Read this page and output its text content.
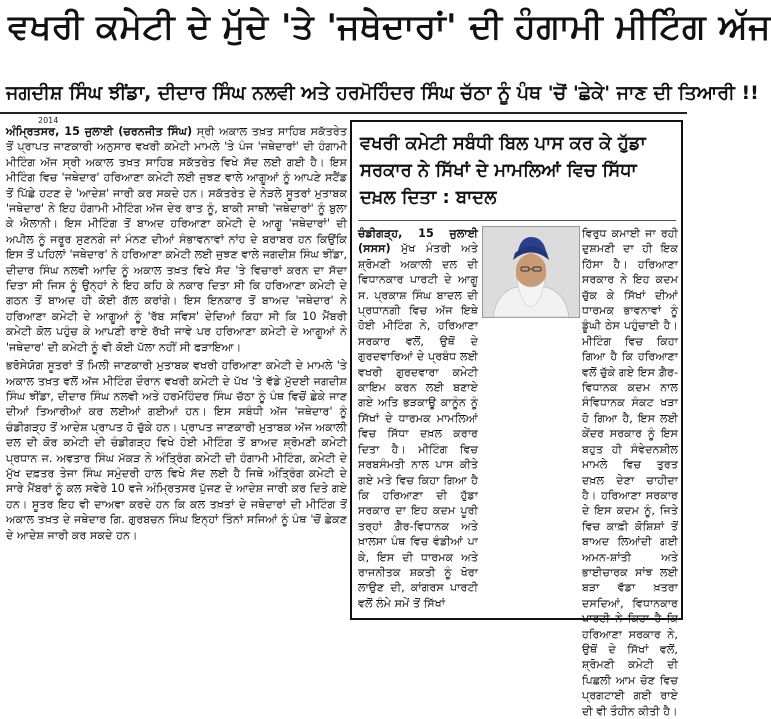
ਵਖਰੀ ਕਮੇਟੀ ਦੇ ਮੁੱਦੇ 'ਤੇ 'ਜਥੇਦਾਰਾਂ' ਦੀ ਹੰਗਾਮੀ ਮੀਟਿੰਗ ਅੱਜ
ਜਗਦੀਸ਼ ਸਿੰਘ ਝੀਂਡਾ, ਦੀਦਾਰ ਸਿੰਘ ਨਲਵੀ ਅਤੇ ਹਰਮੋਹਿੰਦਰ ਸਿੰਘ ਚੱਠਾ ਨੂੰ ਪੰਥ 'ਚੋਂ 'ਛੇਕੇ' ਜਾਣ ਦੀ ਤਿਆਰੀ !!
2014

ਅੰਮ੍ਰਿਤਸਰ, 15 ਜੁਲਾਈ (ਚਰਨਜੀਤ ਸਿੰਘ) ਸ੍ਰੀ ਅਕਾਲ ਤਖ਼ਤ ਸਾਹਿਬ ਸਕੱਤਰੇਤ ਤੋਂ ਪ੍ਰਾਪਤ ਜਾਣਕਾਰੀ ਅਨੁਸਾਰ ਵਖਰੀ ਕਮੇਟੀ ਮਾਮਲੇ 'ਤੇ ਪੰਜ 'ਜਥੇਦਾਰਾਂ' ਦੀ ਹੰਗਾਮੀ ਮੀਟਿੰਗ ਅੱਜ ਸ੍ਰੀ ਅਕਾਲ ਤਖ਼ਤ ਸਾਹਿਬ ਸਕੱਤਰੇਤ ਵਿਖੇ ਸੱਦ ਲਈ ਗਈ ਹੈ। ਇਸ ਮੀਟਿੰਗ ਵਿਚ 'ਜਥੇਦਾਰ' ਹਰਿਆਣਾ ਕਮੇਟੀ ਲਈ ਜੁਝਣ ਵਾਲੇ ਆਗੂਆਂ ਨੂੰ ਆਪਣੇ ਸਟੈਂਡ ਤੋਂ ਪਿੱਛੇ ਹਟਣ ਦੇ 'ਆਦੇਸ਼' ਜਾਰੀ ਕਰ ਸਕਦੇ ਹਨ। ਸਕੱਤਰੇਤ ਦੇ ਨੇੜਲੇ ਸੂਤਰਾਂ ਮੁਤਾਬਕ 'ਜਥੇਦਾਰ' ਨੇ ਇਹ ਹੰਗਾਮੀ ਮੀਟਿੰਗ ਅੱਜ ਦੇਰ ਰਾਤ ਨੂੰ, ਬਾਕੀ ਸਾਥੀ 'ਜਥੇਦਾਰਾਂ' ਨੂੰ ਬੁਲਾ ਕੇ ਐਲਾਨੀ। ਇਸ ਮੀਟਿੰਗ ਤੋਂ ਬਾਅਦ ਹਰਿਆਣਾ ਕਮੇਟੀ ਦੇ ਆਗੂ 'ਜਥੇਦਾਰਾਂ' ਦੀ ਅਪੀਲ ਨੂੰ ਜਰੂਰ ਸੁਣਨਗੇ ਜਾਂ ਮੰਨਣ ਦੀਆਂ ਸੰਭਾਵਨਾਵਾਂ ਨਾਂਹ ਦੇ ਬਰਾਬਰ ਹਨ ਕਿਉਂਕਿ ਇਸ ਤੋਂ ਪਹਿਲਾਂ 'ਜਥੇਦਾਰ' ਨੇ ਹਰਿਆਣਾ ਕਮੇਟੀ ਲਈ ਜੁਝਣ ਵਾਲੇ ਜਗਦੀਸ਼ ਸਿੰਘ ਝੀਂਡਾ, ਦੀਦਾਰ ਸਿੰਘ ਨਲਵੀ ਆਦਿ ਨੂੰ ਅਕਾਲ ਤਖ਼ਤ ਵਿਖੇ ਸੱਦ 'ਤੇ ਵਿਚਾਰਾਂ ਕਰਨ ਦਾ ਸੱਦਾ ਦਿਤਾ ਸੀ ਜਿਸ ਨੂੰ ਉਨ੍ਹਾਂ ਨੇ ਇਹ ਕਹਿ ਕੇ ਨਕਾਰ ਦਿਤਾ ਸੀ ਕਿ ਹਰਿਆਣਾ ਕਮੇਟੀ ਦੇ ਗਠਨ ਤੋਂ ਬਾਅਦ ਹੀ ਕੋਈ ਗੱਲ ਕਰਾਂਗੇ। ਇਸ ਇਨਕਾਰ ਤੋਂ ਬਾਅਦ 'ਜਥੇਦਾਰ' ਨੇ ਹਰਿਆਣਾ ਕਮੇਟੀ ਦੇ ਆਗੂਆਂ ਨੂੰ 'ਰੱਬ ਸਵਿਸ' ਦੇਦਿਆਂ ਕਿਹਾ ਸੀ ਕਿ 10 ਮੈਂਬਰੀ ਕਮੇਟੀ ਕੋਲ ਪਹੁੰਚ ਕੇ ਆਪਣੀ ਰਾਏ ਰੱਖੀ ਜਾਵੇ ਪਰ ਹਰਿਆਣਾ ਕਮੇਟੀ ਦੇ ਆਗੂਆਂ ਨੇ 'ਜਥੇਦਾਰ' ਦੀ ਕਮੇਟੀ ਨੂੰ ਵੀ ਕੋਈ ਪੱਲਾ ਨਹੀਂ ਸੀ ਫੜਾਇਆ।

ਭਰੋਸੇਯੋਗ ਸੂਤਰਾਂ ਤੋਂ ਮਿਲੀ ਜਾਣਕਾਰੀ ਮੁਤਾਬਕ ਵਖਰੀ ਹਰਿਆਣਾ ਕਮੇਟੀ ਦੇ ਮਾਮਲੇ 'ਤੇ ਅਕਾਲ ਤਖ਼ਤ ਵਲੋਂ ਅੱਜ ਮੀਟਿੰਗ ਦੌਰਾਨ ਵਖਰੀ ਕਮੇਟੀ ਦੇ ਪੱਖ 'ਤੇ ਵੱਡੇ ਮੁੱਦਈ ਜਗਦੀਸ਼ ਸਿੰਘ ਝੀਂਡਾ, ਦੀਦਾਰ ਸਿੰਘ ਨਲਵੀ ਅਤੇ ਹਰਮੋਹਿੰਦਰ ਸਿੰਘ ਚੱਠਾ ਨੂੰ ਪੰਥ ਵਿਚੋਂ ਛੇਕੇ ਜਾਣ ਦੀਆਂ ਤਿਆਰੀਆਂ ਕਰ ਲਈਆਂ ਗਈਆਂ ਹਨ। ਇਸ ਸਬੰਧੀ ਅੱਜ 'ਜਥੇਦਾਰ' ਨੂੰ ਚੰਡੀਗੜ੍ਹ ਤੋਂ ਆਦੇਸ਼ ਪ੍ਰਾਪਤ ਹੋ ਚੁੱਕੇ ਹਨ। ਪ੍ਰਾਪਤ ਜਾਣਕਾਰੀ ਮੁਤਾਬਕ ਅੱਜ ਅਕਾਲੀ ਦਲ ਦੀ ਕੋਰ ਕਮੇਟੀ ਦੀ ਚੰਡੀਗੜ੍ਹ ਵਿਖੇ ਹੋਈ ਮੀਟਿੰਗ ਤੋਂ ਬਾਅਦ ਸ਼੍ਰੋਮਣੀ ਕਮੇਟੀ ਪ੍ਰਧਾਨ ਜ. ਅਵਤਾਰ ਸਿੰਘ ਮੱਕੜ ਨੇ ਅੰਤ੍ਰਿੰਗ ਕਮੇਟੀ ਦੀ ਹੰਗਾਮੀ ਮੀਟਿੰਗ, ਕਮੇਟੀ ਦੇ ਮੁੱਖ ਦਫ਼ਤਰ ਤੇਜਾ ਸਿੰਘ ਸਮੁੰਦਰੀ ਹਾਲ ਵਿਖੇ ਸੱਦ ਲਈ ਹੈ ਜਿਥੇ ਅੰਤ੍ਰਿੰਗ ਕਮੇਟੀ ਦੇ ਸਾਰੇ ਮੈਂਬਰਾਂ ਨੂੰ ਕਲ ਸਵੇਰੇ 10 ਵਜੇ ਅੰਮ੍ਰਿਤਸਰ ਪੁੱਜਣ ਦੇ ਆਦੇਸ਼ ਜਾਰੀ ਕਰ ਦਿਤੇ ਗਏ ਹਨ। ਸੂਤਰ ਇਹ ਵੀ ਦਾਅਵਾ ਕਰਦੇ ਹਨ ਕਿ ਕਲ ਤਖ਼ਤਾਂ ਦੇ ਜਥੇਦਾਰਾਂ ਦੀ ਮੀਟਿੰਗ ਤੋਂ ਅਕਾਲ ਤਖ਼ਤ ਦੇ ਜਥੇਦਾਰ ਗਿ. ਗੁਰਬਚਨ ਸਿੰਘ ਇਨ੍ਹਾਂ ਤਿੰਨਾਂ ਸਜਿਆਂ ਨੂੰ ਪੰਥ 'ਚੋਂ ਛੇਕਣ ਦੇ ਆਦੇਸ਼ ਜਾਰੀ ਕਰ ਸਕਦੇ ਹਨ।

ਵਖਰੀ ਕਮੇਟੀ ਸਬੰਧੀ ਬਿਲ ਪਾਸ ਕਰ ਕੇ ਹੁੱਡਾ ਸਰਕਾਰ ਨੇ ਸਿੱਖਾਂ ਦੇ ਮਾਮਲਿਆਂ ਵਿਚ ਸਿੱਧਾ ਦਖ਼ਲ ਦਿਤਾ : ਬਾਦਲ

ਚੰਡੀਗੜ੍ਹ, 15 ਜੁਲਾਈ (ਸਸਸ) ਮੁੱਖ ਮੰਤਰੀ ਅਤੇ ਸ਼੍ਰੋਮਣੀ ਅਕਾਲੀ ਦਲ ਦੀ ਵਿਧਾਨਕਾਰ ਪਾਰਟੀ ਦੇ ਆਗੂ ਸ. ਪ੍ਰਕਾਸ਼ ਸਿੰਘ ਬਾਦਲ ਦੀ ਪ੍ਰਧਾਨਗੀ ਵਿਚ ਅੱਜ ਇਥੇ ਹੋਈ ਮੀਟਿੰਗ ਨੇ, ਹਰਿਆਣਾ ਸਰਕਾਰ ਵਲੋਂ, ਉਥੋਂ ਦੇ ਗੁਰਦਵਾਰਿਆਂ ਦੇ ਪ੍ਰਬੰਧ ਲਈ ਵਖਰੀ ਗੁਰਦਵਾਰਾ ਕਮੇਟੀ ਕਾਇਮ ਕਰਨ ਲਈ ਬਣਾਏ ਗਏ ਅਤਿ ਭੜਕਾਊ ਕਾਨੂੰਨ ਨੂੰ ਸਿੱਖਾਂ ਦੇ ਧਾਰਮਕ ਮਾਮਲਿਆਂ ਵਿਚ ਸਿੱਧਾ ਦਖ਼ਲ ਕਰਾਰ ਦਿਤਾ ਹੈ। ਮੀਟਿੰਗ ਵਿਚ ਸਰਬਸੰਮਤੀ ਨਾਲ ਪਾਸ ਕੀਤੇ ਗਏ ਮਤੇ ਵਿਚ ਕਿਹਾ ਗਿਆ ਹੈ ਕਿ ਹਰਿਆਣਾ ਦੀ ਹੁੱਡਾ ਸਰਕਾਰ ਦਾ ਇਹ ਕਦਮ ਪੂਰੀ ਤਰ੍ਹਾਂ ਗ਼ੈਰ-ਵਿਧਾਨਕ ਅਤੇ ਖ਼ਾਲਸਾ ਪੰਥ ਵਿਚ ਵੰਡੀਆਂ ਪਾ ਕੇ, ਇਸ ਦੀ ਧਾਰਮਕ ਅਤੇ ਰਾਜਨੀਤਕ ਸ਼ਕਤੀ ਨੂੰ ਖੋਰਾ ਲਾਉਣ ਦੀ, ਕਾਂਗਰਸ ਪਾਰਟੀ ਵਲੋਂ ਲੰਮੇ ਸਮੇਂ ਤੋਂ ਸਿੱਖਾਂ

ਵਿਰੁਧ ਕਮਾਈ ਜਾ ਰਹੀ ਦੁਸ਼ਮਣੀ ਦਾ ਹੀ ਇਕ ਹਿੱਸਾ ਹੈ। ਹਰਿਆਣਾ ਸਰਕਾਰ ਨੇ ਇਹ ਕਦਮ ਚੁੱਕ ਕੇ ਸਿੱਖਾਂ ਦੀਆਂ ਧਾਰਮਕ ਭਾਵਨਾਵਾਂ ਨੂੰ ਡੂੰਘੀ ਠੇਸ ਪਹੁੰਚਾਈ ਹੈ। ਮੀਟਿੰਗ ਵਿਚ ਕਿਹਾ ਗਿਆ ਹੈ ਕਿ ਹਰਿਆਣਾ ਵਲੋਂ ਚੁੱਕੇ ਗਏ ਇਸ ਗ਼ੈਰ-ਵਿਧਾਨਕ ਕਦਮ ਨਾਲ ਸੰਵਿਧਾਨਕ ਸੰਕਟ ਖੜਾ ਹੋ ਗਿਆ ਹੈ, ਇਸ ਲਈ ਕੇਂਦਰ ਸਰਕਾਰ ਨੂੰ ਇਸ ਬਹੁਤ ਹੀ ਸੰਵੇਦਨਸ਼ੀਲ ਮਾਮਲੇ ਵਿਚ ਤੁਰਤ ਦਖ਼ਲ ਦੇਣਾ ਚਾਹੀਦਾ ਹੈ। ਹਰਿਆਣਾ ਸਰਕਾਰ ਦੇ ਇਸ ਕਦਮ ਨੂੰ, ਜਿਤੇ ਵਿਚ ਕਾਫ਼ੀ ਕੋਸ਼ਿਸ਼ਾਂ ਤੋਂ ਬਾਅਦ ਲਿਆਂਦੀ ਗਈ ਅਮਨ-ਸ਼ਾਂਤੀ ਅਤੇ ਭਾਈਚਾਰਕ ਸਾਂਝ ਲਈ ਬੜਾ ਵੱਡਾ ਖ਼ਤਰਾ ਦਸਦਿਆਂ, ਵਿਧਾਨਕਾਰ ਪਾਰਟੀ ਨੇ ਕਿਹਾ ਹੈ ਕਿ ਹਰਿਆਣਾ ਸਰਕਾਰ ਨੇ, ਉਥੋਂ ਦੇ ਸਿੱਖਾਂ ਵਲੋਂ, ਸ਼੍ਰੋਮਣੀ ਕਮੇਟੀ ਦੀ ਪਿਛਲੀ ਆਮ ਚੋਣ ਵਿਚ ਪ੍ਰਗਟਾਈ ਗਈ ਰਾਏ ਦੀ ਵੀ ਤੌਹੀਨ ਕੀਤੀ ਹੈ।
